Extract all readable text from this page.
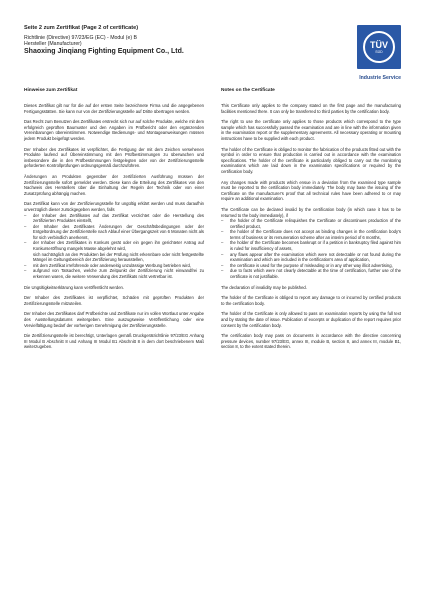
Seite 2 zum Zertifikat (Page 2 of certificate)
Richtlinie (Directive) 97/23/EG (EC) - Modul (e) B
Hersteller (Manufacturer)
Shaoxing Jinqiang Fighting Equipment Co., Ltd.
TÜV
SÜD
Industrie Service
Hinweise zum Zertifikat
Dieses Zertifikat gilt nur für die auf der ersten Seite bezeichnete Firma und die angegebenen Fertigungsstätten. Sie kann nur von der Zertifizierungsstelle auf Dritte übertragen werden.
Das Recht zum Benutzen des Zertifikates erstreckt sich nur auf solche Produkte, welche mit dem erfolgreich geprüften Baumuster und den Angaben im Prüfbericht oder den ergänzenden Vereinbarungen übereinstimmen. Notwendige Bedienungs- und Montageanweisungen müssen jedem Produkt beigefügt werden.
Der Inhaber des Zertifikates ist verpflichtet, die Fertigung der mit dem Zeichen versehenen Produkte laufend auf Übereinstimmung mit den Prüfbestimmungen zu überwachen und insbesondere die in den Prüfbestimmungen festgelegten oder von der Zertifizierungsstelle geforderten Kontrollprüfungen ordnungsgemäß durchzuführen.
Änderungen an Produkten gegenüber der zertifizierten Ausführung müssen der Zertifizierungsstelle sofort gemeldet werden. Diese kann die Erteilung des Zertifikates von den Nachweis des Herstellers über die Einhaltung der Regeln der Technik oder von einer Zusatzprüfung abhängig machen.
Das Zertifikat kann von der Zertifizierungsstelle für ungültig erklärt werden und muss daraufhin unverzüglich dieser zurückgegeben werden, falls
–	der Inhaber des Zertifikates auf das Zertifikat verzichtet oder die Herstellung des zertifizierten Produktes einstellt,
–	der Inhaber des Zertifikates Änderungen der Geschäftsbedingungen oder der Entgeltordnung der Zertifizierstelle nach Ablauf einer Übergangszeit von 6 Monaten nicht als für sich verbindlich anerkennt,
–	der Inhaber des Zertifikates in Konkurs gerät oder ein gegen ihn gerichteter Antrag auf Konkurseröffnung mangels Masse abgelehnt wird,
sich nachträglich an den Produkten bei der Prüfung nicht erkennbare oder nicht festgestellte Mängel im Geltungsbereich der Zertifizierung herausstellen,
–	mit dem Zertifikat irreführende oder anderweitig unzulässige Werbung betrieben wird,
–	aufgrund von Tatsachen, welche zum Zeitpunkt der Zertifizierung nicht einwandfrei zu erkennen waren, die weitere Verwendung des Zertifikats nicht vertretbar ist.
Die Ungültigkeitserklärung kann veröffentlicht werden.
Der Inhaber des Zertifikates ist verpflichtet, Schäden mit geprüften Produkten der Zertifizierungsstelle mitzuteilen.
Der Inhaber des Zertifikates darf Prüfberichte und Zertifikate nur im vollen Wortlaut unter Angabe des Ausstellungsdatums weitergeben. Eine auszugsweise Veröffentlichung oder eine Vervielfältigung bedarf der vorherigen Genehmigung der Zertifizierungsstelle.
Die Zertifizierungsstelle ist berechtigt, Unterlagen gemäß Druckgerätrichtlinie 97/23/EG Anhang III Modul B Abschnitt 8 und Anhang III Modul B1 Abschnitt 8 in dem dort beschriebenem Maß weiterzugeben.
Notes on the Certificate
This Certificate only applies to the company stated on the first page and the manufacturing facilities mentioned there. It can only be transferred to third parties by the certification body.
The right to use the certificate only applies to those products which correspond to the type sample which has successfully passed the examination and are in line with the information given in the examination report or the supplementary agreements. All necessary operating or mounting instructions have to be supplied with each product.
The holder of the Certificate is obliged to monitor the fabrication of the products fitted out with the symbol in order to ensure that production is carried out in accordance with the examination specifications. The holder of the certificate is particularly obliged to carry out the monitoring examinations which are laid down in the examination specifications or required by the certification body.
Any changes made with products which ensue in a deviation from the examined type sample must be reported to the certification body immediately. The body may base the issuing of the Certificate on the manufacturer's proof that all technical rules have been adhered to or may require an additional examination.
The Certificate can be declared invalid by the certification body (in which case it has to be returned to the body immediately), if
–	the holder of the Certificate relinquishes the Certificate or discontinues production of the certified product,
–	the holder of the Certificate does not accept as binding changes in the certification body's terms of business or its remuneration scheme after an interim period of 6 months,
–	the holder of the Certificate becomes bankrupt or if a petition in bankruptcy filed against him is ruled for insufficiency of assets,
–	any flaws appear after the examination which were not detectable or not found during the examination and which are included in the certification's area of application,
–	the certificate is used for the purpose of misleading or in any other way illicit advertising,
–	due to facts which were not clearly detectable at the time of certification, further use of the certificate is not justifiable.
The declaration of invalidity may be published.
The holder of the Certificate is obliged to report any damage to or incurred by certified products to the certification body.
The holder of the Certificate is only allowed to pass on examination reports by using the full text and by stating the date of issue. Publication of excerpts or duplication of the report requires prior consent by the certification body.
The certification body may pass on documents in accordance with the directive concerning pressure devices, number 97/23/EG, annex III, module B, section 8, and annex III, module B1, section 8, to the extent stated therein.
